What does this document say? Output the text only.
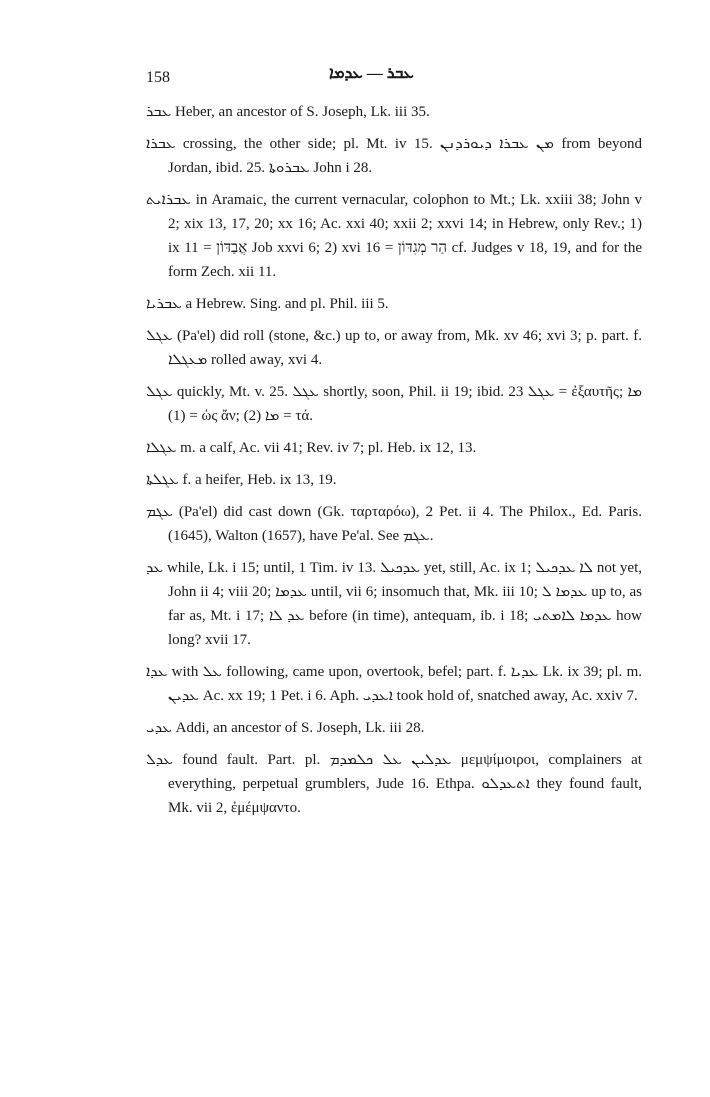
158	ܥܒܪ — ܥܕܡܐ

ܥܒܪ Heber, an ancestor of S. Joseph, Lk. iii 35.

ܥܒܪܐ crossing, the other side; pl. Mt. iv 15. ܡܢ ܥܒܪܐ ܕܝܘܪܕܢܢ from beyond Jordan, ibid. 25. ܥܒܪܘܬܐ John i 28.

ܥܒܪܐܝܬ in Aramaic, the current vernacular, colophon to Mt.; Lk. xxiii 38; John v 2; xix 13, 17, 20; xx 16; Ac. xxi 40; xxii 2; xxvi 14; in Hebrew, only Rev.; 1) ix 11 = אֲבַדּוֹן Job xxvi 6; 2) xvi 16 = הַר מְגִדּוֹן cf. Judges v 18, 19, and for the form Zech. xii 11.

ܥܒܪܝܐ a Hebrew. Sing. and pl. Phil. iii 5.

ܥܓܠ (Pa'el) did roll (stone, &c.) up to, or away from, Mk. xv 46; xvi 3; p. part. f. ܡܥܓܠܐ rolled away, xvi 4.

ܥܓܠ quickly, Mt. v. 25. ܥܓܠ shortly, soon, Phil. ii 19; ibid. 23 ܥܓܠ = ἐξαυτῆς; ܡܐ (1) = ὡς ἄν; ܡܐ (2) = τά.

ܥܓܠܐ m. a calf, Ac. vii 41; Rev. iv 7; pl. Heb. ix 12, 13.

ܥܓܠܬܐ f. a heifer, Heb. ix 13, 19.

ܥܓܡ (Pa'el) did cast down (Gk. ταρταρόω), 2 Pet. ii 4. The Philox., Ed. Paris. (1645), Walton (1657), have Pe'al. See ܥܓܡ.

ܥܕ while, Lk. i 15; until, 1 Tim. iv 13. ܥܕܟܝܠ yet, still, Ac. ix 1; ܠܐ ܥܕܟܝܠ not yet, John ii 4; viii 20; ܥܕܡܐ until, vii 6; insomuch that, Mk. iii 10; ܥܕܡܐ ܠ up to, as far as, Mt. i 17; ܥܕ ܠܐ before (in time), antequam, ib. i 18; ܥܕܡܐ ܠܐܡܬܝ how long? xvii 17.

ܥܕܐ with ܥܠ following, came upon, overtook, befel; part. f. ܥܕܝܐ Lk. ix 39; pl. m. ܥܕܝܢ Ac. xx 19; 1 Pet. i 6. Aph. ܐܥܕܝ took hold of, snatched away, Ac. xxiv 7.

ܥܕܝ Addi, an ancestor of S. Joseph, Lk. iii 28.

ܥܕܠ found fault. Part. pl. ܥܕܠܝܢ ܥܠ ܟܠܡܕܡ μεμψίμοιροι, complainers at everything, perpetual grumblers, Jude 16. Ethpa. ܐܬܥܕܠܘ they found fault, Mk. vii 2, ἐμέμψαντο.
